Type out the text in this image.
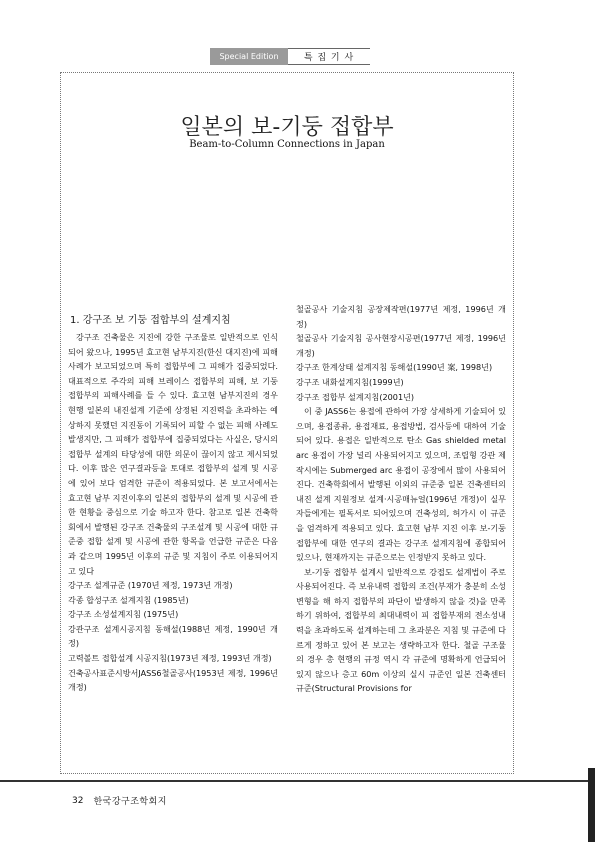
Special Edition	특 집 기 사
일본의 보-기둥 접합부
Beam-to-Column Connections in Japan
1. 강구조 보 기둥 접합부의 설계지침

강구조 건축물은 지진에 강한 구조물로 일반적으로 인식되어 왔으나, 1995년 효고현 남부지진(한신 대지진)에 피해사례가 보고되었으며 특히 접합부에 그 피해가 집중되었다. 대표적으로 주각의 피해 브레이스 접합부의 피해, 보 기둥 접합부의 피해사례를 들 수 있다. 효고현 남부지진의 경우 현행 일본의 내진설계 기준에 상정된 지진력을 초과하는 예상하지 못했던 지진동이 기록되어 피할 수 없는 피해 사례도 발생지만, 그 피해가 접합부에 집중되었다는 사실은, 당시의 접합부 설계의 타당성에 대한 의문이 끊이지 않고 제시되었다. 이후 많은 연구결과등을 토대로 접합부의 설계 및 시공에 있어 보다 엄격한 규준이 적용되었다. 본 보고서에서는 효고현 남부 지진이후의 일본의 접합부의 설계 및 시공에 관한 현황을 중심으로 기술 하고자 한다. 참고로 일본 건축학회에서 발행된 강구조 건축물의 구조설계 및 시공에 대한 규준중 접합 설계 및 시공에 관한 항목을 언급한 규준은 다음과 같으며 1995년 이후의 규준 및 지침이 주로 이용되어지고 있다

강구조 설계규준 (1970년 제정, 1973년 개정)

각종 합성구조 설계지침 (1985년)

강구조 소성설계지침 (1975년)

강관구조 설계시공지침 동해설(1988년 제정, 1990년 개정)

고력볼트 접합설계 시공지침(1973년 제정, 1993년 개정)

건축공사표준시방서JASS6철골공사(1953년 제정, 1996년 개정)

철골공사 기술지침 공장제작편(1977년 제정, 1996년 개정)

철골공사 기술지침 공사현장시공편(1977년 제정, 1996년 개정)

강구조 한계상태 설계지침 동해설(1990년 案, 1998년)

강구조 내화설계지침(1999년)

강구조 접합부 설계지침(2001년)

이 중 JASS6는 용접에 관하여 가장 상세하게 기술되어 있으며, 용접종류, 용접재료, 용접방법, 검사등에 대하여 기술되어 있다. 용접은 일반적으로 탄소 Gas shielded metal arc 용접이 가장 널리 사용되어지고 있으며, 조립형 강관 제작시에는 Submerged arc 용접이 공장에서 많이 사용되어진다. 건축학회에서 발행된 이외의 규준중 일본 건축센터의 내진 설계 지원정보 설계·시공매뉴얼(1996년 개정)이 실무자들에게는 필독서로 되어있으며 건축성의, 허가시 이 규준을 엄격하게 적용되고 있다. 효고현 남부 지진 이후 보-기둥 접합부에 대한 연구의 결과는 강구조 설계지침에 종합되어 있으나, 현재까지는 규준으로는 인정받지 못하고 있다.

보-기둥 접합부 설계시 일반적으로 강접도 설계법이 주로 사용되어진다. 즉 보유내력 접합의 조건(부재가 충분히 소성변형을 해 하지 접합부의 파단이 발생하지 않을 것)을 만족하기 위하여, 접합부의 최대내력이 피 접합부재의 전소성내력을 초과하도록 설계하는데 그 초과분은 지침 및 규준에 다르게 정하고 있어 본 보고는 생략하고자 한다. 철골 구조물의 경우 총 현행의 규정 역시 각 규준에 명확하게 언급되어 있지 않으나 층고 60m 이상의 실시 규준인 일본 건축센터 규준(Structural Provisions for

32 한국강구조학회지
